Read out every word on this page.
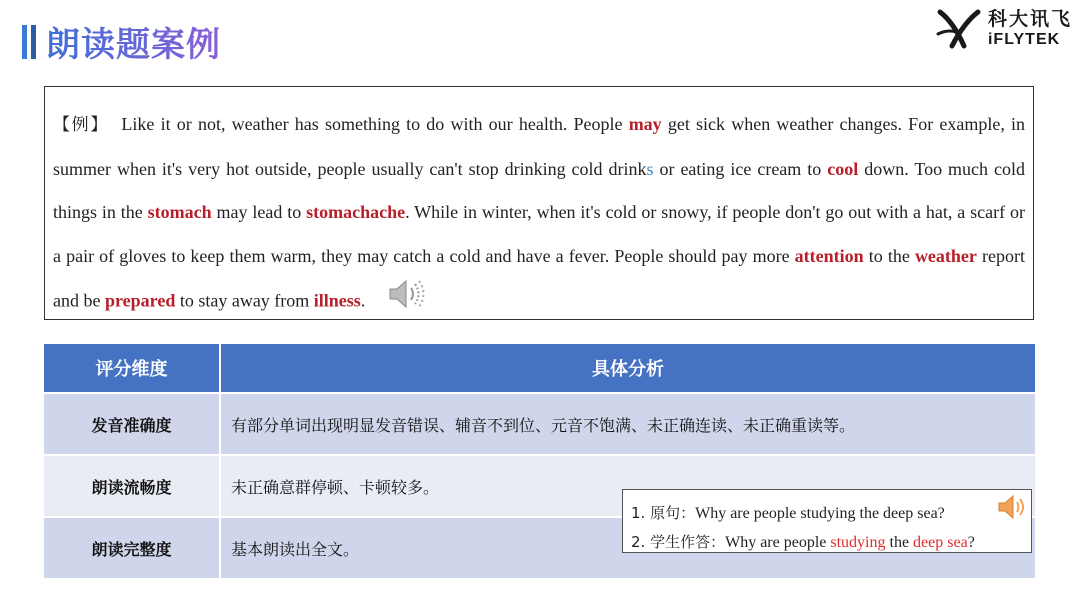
朗读题案例
科大讯飞
iFLYTEK

【例】 Like it or not, weather has something to do with our health. People may get sick when weather changes. For example, in summer when it's very hot outside, people usually can't stop drinking cold drinks or eating ice cream to cool down. Too much cold things in the stomach may lead to stomachache. While in winter, when it's cold or snowy, if people don't go out with a hat, a scarf or a pair of gloves to keep them warm, they may catch a cold and have a fever. People should pay more attention to the weather report and be prepared to stay away from illness.

评分维度	具体分析
发音准确度	有部分单词出现明显发音错误、辅音不到位、元音不饱满、未正确连读、未正确重读等。
朗读流畅度	未正确意群停顿、卡顿较多。
朗读完整度	基本朗读出全文。
1. 原句：Why are people studying the deep sea?
2. 学生作答：Why are people studying the deep sea?
